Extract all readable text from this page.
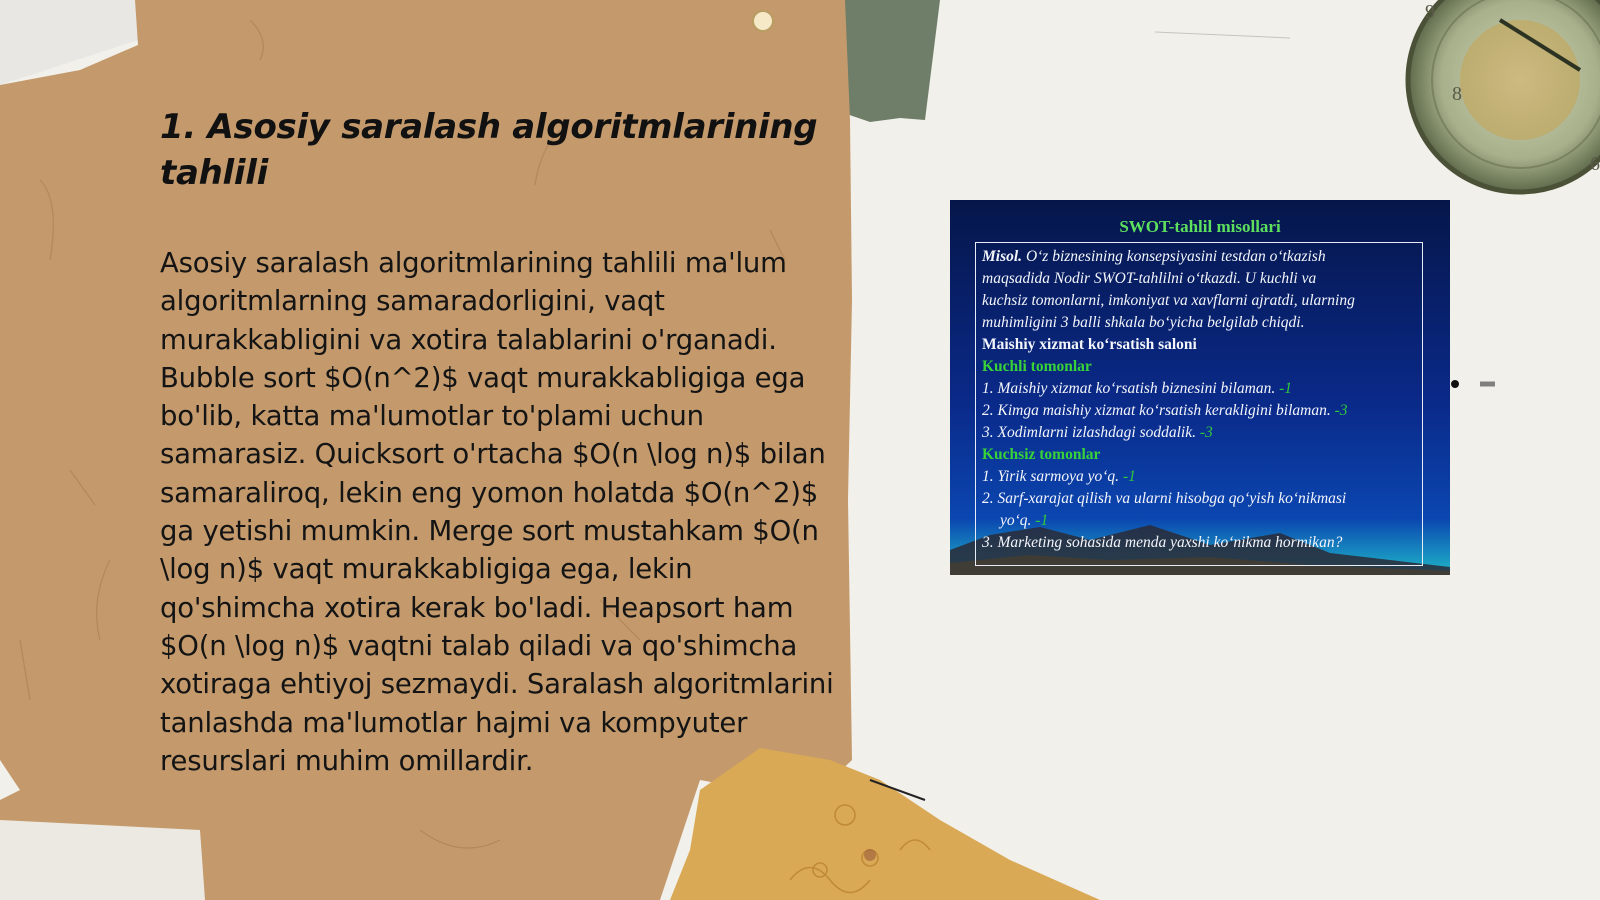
9
8
6
1. Asosiy saralash algoritmlarining tahlili

Asosiy saralash algoritmlarining tahlili ma'lum algoritmlarning samaradorligini, vaqt murakkabligini va xotira talablarini o'rganadi. Bubble sort $O(n^2)$ vaqt murakkabligiga ega bo'lib, katta ma'lumotlar to'plami uchun samarasiz. Quicksort o'rtacha $O(n \log n)$ bilan samaraliroq, lekin eng yomon holatda $O(n^2)$ ga yetishi mumkin. Merge sort mustahkam $O(n \log n)$ vaqt murakkabligiga ega, lekin qo'shimcha xotira kerak bo'ladi. Heapsort ham $O(n \log n)$ vaqtni talab qiladi va qo'shimcha xotiraga ehtiyoj sezmaydi. Saralash algoritmlarini tanlashda ma'lumotlar hajmi va kompyuter resurslari muhim omillardir.

SWOT-tahlil misollari
Misol. O‘z biznesining konsepsiyasini testdan o‘tkazish
maqsadida Nodir SWOT-tahlilni o‘tkazdi. U kuchli va
kuchsiz tomonlarni, imkoniyat va xavflarni ajratdi, ularning
muhimligini 3 balli shkala bo‘yicha belgilab chiqdi.
Maishiy xizmat ko‘rsatish saloni
Kuchli tomonlar
1. Maishiy xizmat ko‘rsatish biznesini bilaman. -1
2. Kimga maishiy xizmat ko‘rsatish kerakligini bilaman. -3
3. Xodimlarni izlashdagi soddalik. -3
Kuchsiz tomonlar
1. Yirik sarmoya yo‘q. -1
2. Sarf-xarajat qilish va ularni hisobga qo‘yish ko‘nikmasi
yo‘q. -1
3. Marketing sohasida menda yaxshi ko‘nikma hormikan?
